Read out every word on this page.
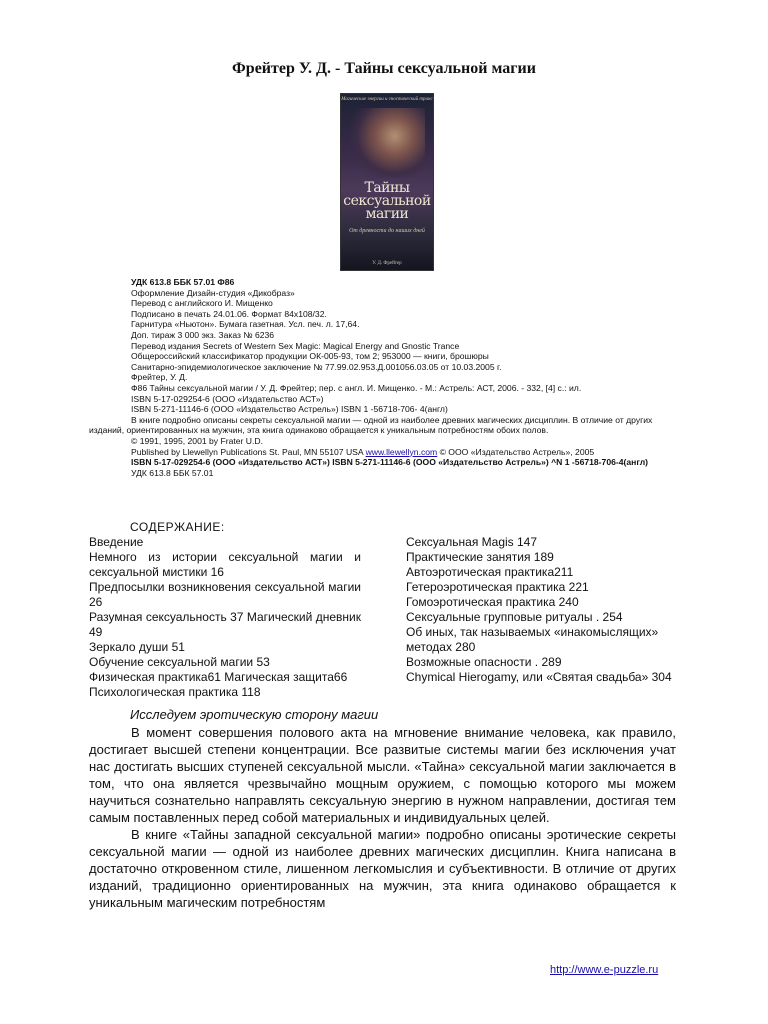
Фрейтер У. Д. - Тайны сексуальной магии
Магические энергии и гностический транс
Тайны
сексуальной
магии
От древности до наших дней
У. Д. Фрейтер
УДК 613.8 ББК 57.01 Ф86
Оформление Дизайн-студия «Дикобраз»
Перевод с английского И. Мищенко
Подписано в печать 24.01.06. Формат 84х108/32.
Гарнитура «Ньютон». Бумага газетная. Усл. печ. л. 17,64.
Доп. тираж 3 000 экз. Заказ № 6236
Перевод издания Secrets of Western Sex Magic: Magical Energy and Gnostic Trance
Общероссийский классификатор продукции ОК-005-93, том 2; 953000 — книги, брошюры
Санитарно-эпидемиологическое заключение № 77.99.02.953.Д.001056.03.05 от 10.03.2005 г.
Фрейтер, У. Д.
Ф86 Тайны сексуальной магии / У. Д. Фрейтер; пер. с англ. И. Мищенко. - М.: Астрель: АСТ, 2006. - 332, [4] с.: ил.
ISBN 5-17-029254-6 (ООО «Издательство АСТ»)
ISBN 5-271-11146-6 (ООО «Издательство Астрель») ISBN 1 -56718-706- 4(англ)
В книге подробно описаны секреты сексуальной магии — одной из наиболее древних магических дисциплин. В отличие от других изданий, ориентированных на мужчин, эта книга одинаково обращается к уникальным потребностям обоих полов.
© 1991, 1995, 2001 by Frater U.D.
Published by Llewellyn Publications St. Paul, MN 55107 USA www.llewellyn.com © ООО «Издательство Астрель», 2005
ISBN 5-17-029254-6 (ООО «Издательство АСТ») ISBN 5-271-11146-6 (ООО «Издательство Астрель») ^N 1 -56718-706-4(англ)
УДК 613.8 ББК 57.01
СОДЕРЖАНИЕ:
Введение
Немного из истории сексуальной магии и сексуальной мистики 16
Предпосылки возникновения сексуальной магии 26
Разумная сексуальность 37 Магический дневник 49
Зеркало души 51
Обучение сексуальной магии 53
Физическая практика61 Магическая защита66
Психологическая практика 118
Сексуальная Magis 147
Практические занятия 189
Автоэротическая практика211
Гетероэротическая практика 221
Гомоэротическая практика 240
Сексуальные групповые ритуалы . 254
Об иных, так называемых «инакомыслящих» методах 280
Возможные опасности . 289
Chymical Hierogamy, или «Святая свадьба» 304
Исследуем эротическую сторону магии

В момент совершения полового акта на мгновение внимание человека, как правило, достигает высшей степени концентрации. Все развитые системы магии без исключения учат нас достигать высших ступеней сексуальной мысли. «Тайна» сексуальной магии заключается в том, что она является чрезвычайно мощным оружием, с помощью которого мы можем научиться сознательно направлять сексуальную энергию в нужном направлении, достигая тем самым поставленных перед собой материальных и индивидуальных целей.

В книге «Тайны западной сексуальной магии» подробно описаны эротические секреты сексуальной магии — одной из наиболее древних магических дисциплин. Книга написана в достаточно откровенном стиле, лишенном легкомыслия и субъективности. В отличие от других изданий, традиционно ориентированных на мужчин, эта книга одинаково обращается к уникальным магическим потребностям

http://www.e-puzzle.ru
